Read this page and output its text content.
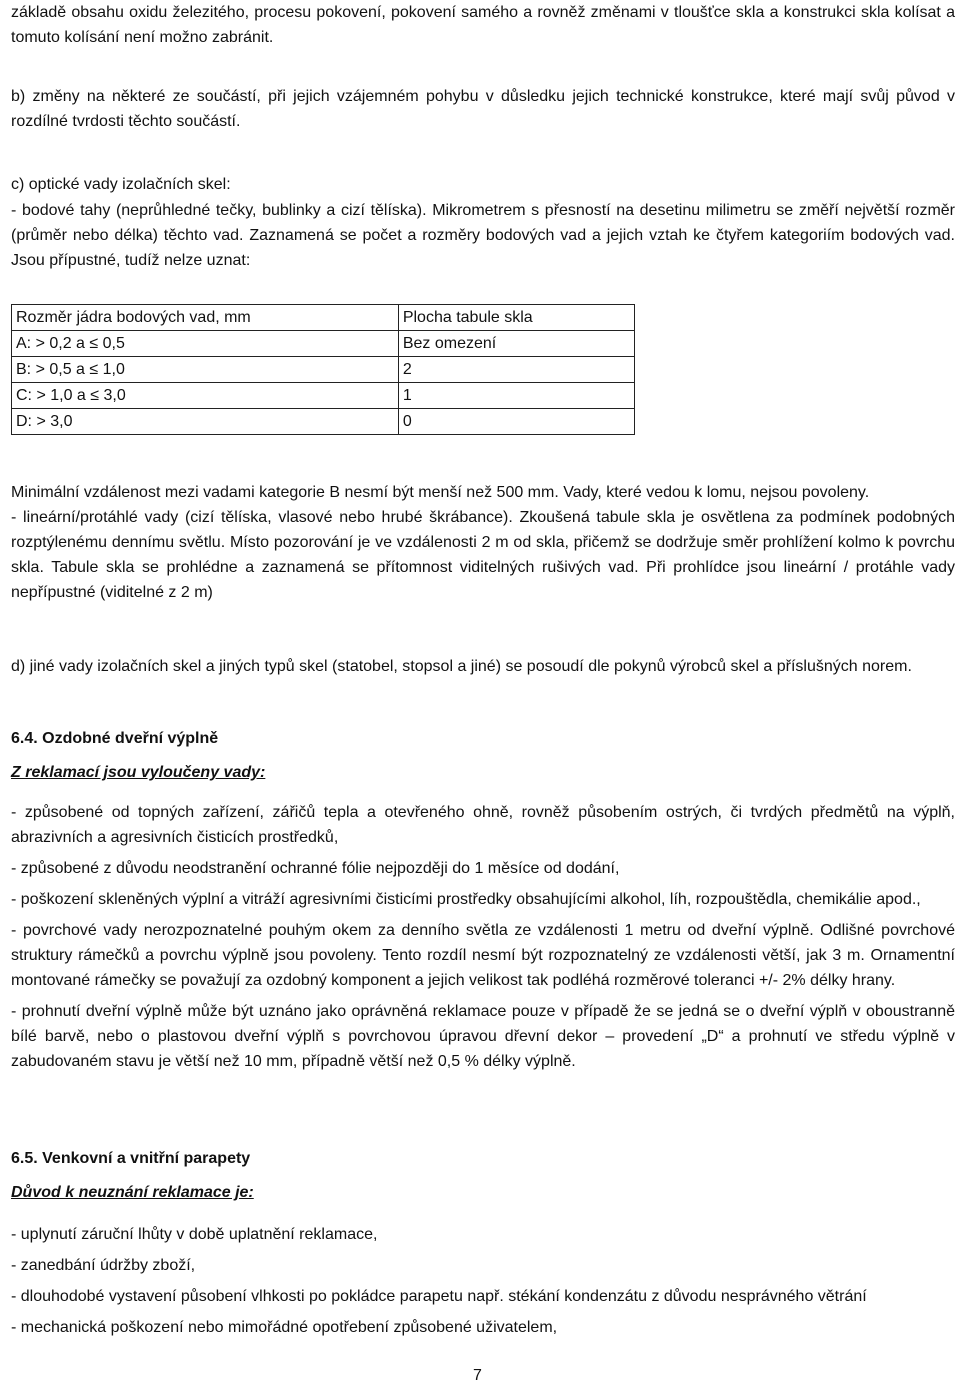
základě obsahu oxidu železitého, procesu pokovení, pokovení samého a rovněž změnami v tloušťce skla a konstrukci skla kolísat a tomuto kolísání není možno zabránit.

b) změny na některé ze součástí, při jejich vzájemném pohybu v důsledku jejich technické konstrukce, které mají svůj původ v rozdílné tvrdosti těchto součástí.

c) optické vady izolačních skel:

- bodové tahy (neprůhledné tečky, bublinky a cizí tělíska). Mikrometrem s přesností na desetinu milimetru se změří největší rozměr (průměr nebo délka) těchto vad. Zaznamená se počet a rozměry bodových vad a jejich vztah ke čtyřem kategoriím bodových vad. Jsou přípustné, tudíž nelze uznat:

Rozměr jádra bodových vad, mm	Plocha tabule skla
A: > 0,2 a ≤ 0,5	Bez omezení
B: > 0,5 a ≤ 1,0	2
C: > 1,0 a ≤ 3,0	1
D: > 3,0	0

Minimální vzdálenost mezi vadami kategorie B nesmí být menší než 500 mm. Vady, které vedou k lomu, nejsou povoleny.

- lineární/protáhlé vady (cizí tělíska, vlasové nebo hrubé škrábance). Zkoušená tabule skla je osvětlena za podmínek podobných rozptýlenému dennímu světlu. Místo pozorování je ve vzdálenosti 2 m od skla, přičemž se dodržuje směr prohlížení kolmo k povrchu skla. Tabule skla se prohlédne a zaznamená se přítomnost viditelných rušivých vad. Při prohlídce jsou lineární / protáhle vady nepřípustné (viditelné z 2 m)

d) jiné vady izolačních skel a jiných typů skel (statobel, stopsol a jiné) se posoudí dle pokynů výrobců skel a příslušných norem.

6.4. Ozdobné dveřní výplně
Z reklamací jsou vyloučeny vady:

- způsobené od topných zařízení, zářičů tepla a otevřeného ohně, rovněž působením ostrých, či tvrdých předmětů na výplň, abrazivních a agresivních čisticích prostředků,

- způsobené z důvodu neodstranění ochranné fólie nejpozději do 1 měsíce od dodání,

- poškození skleněných výplní a vitráží agresivními čisticími prostředky obsahujícími alkohol, líh, rozpouštědla, chemikálie apod.,

- povrchové vady nerozpoznatelné pouhým okem za denního světla ze vzdálenosti 1 metru od dveřní výplně. Odlišné povrchové struktury rámečků a povrchu výplně jsou povoleny. Tento rozdíl nesmí být rozpoznatelný ze vzdálenosti větší, jak 3 m. Ornamentní montované rámečky se považují za ozdobný komponent a jejich velikost tak podléhá rozměrové toleranci +/- 2% délky hrany.

- prohnutí dveřní výplně může být uznáno jako oprávněná reklamace pouze v případě že se jedná se o dveřní výplň v oboustranně bílé barvě, nebo o plastovou dveřní výplň s povrchovou úpravou dřevní dekor – provedení „D“ a prohnutí ve středu výplně v zabudovaném stavu je větší než 10 mm, případně větší než 0,5 % délky výplně.

6.5. Venkovní a vnitřní parapety
Důvod k neuznání reklamace je:

- uplynutí záruční lhůty v době uplatnění reklamace,

- zanedbání údržby zboží,

- dlouhodobé vystavení působení vlhkosti po pokládce parapetu např. stékání kondenzátu z důvodu nesprávného větrání

- mechanická poškození nebo mimořádné opotřebení způsobené uživatelem,

7
